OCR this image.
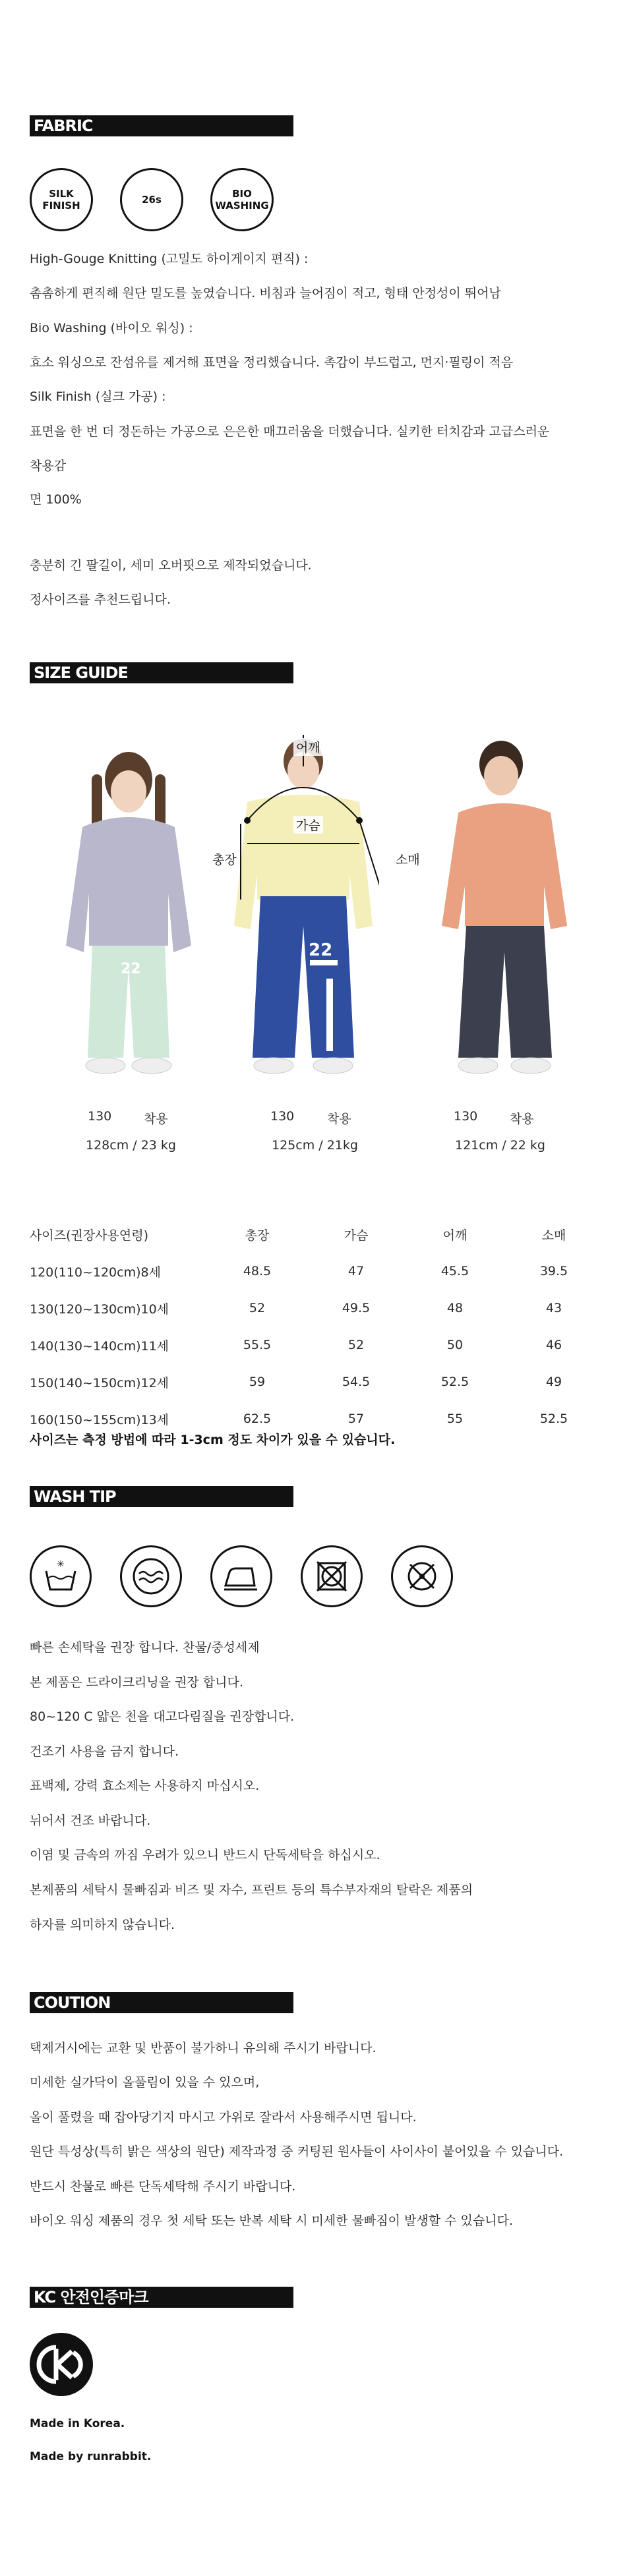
FABRIC
SILK
FINISH	26s	BIO
WASHING
High-Gouge Knitting (고밀도 하이게이지 편직) :
촘촘하게 편직해 원단 밀도를 높였습니다. 비침과 늘어짐이 적고, 형태 안정성이 뛰어남
Bio Washing (바이오 워싱) :
효소 워싱으로 잔섬유를 제거해 표면을 정리했습니다. 촉감이 부드럽고, 먼지·필링이 적음
Silk Finish (실크 가공) :
표면을 한 번 더 정돈하는 가공으로 은은한 매끄러움을 더했습니다. 실키한 터치감과 고급스러운
착용감
면 100%
충분히 긴 팔길이, 세미 오버핏으로 제작되었습니다.
정사이즈를 추천드립니다.
SIZE GUIDE
22
22
어깨
가슴
총장	소매
130	착용
128cm / 23 kg
130	착용
125cm / 21kg
130	착용
121cm / 22 kg
사이즈(권장사용연령)	총장	가슴	어깨	소매
120(110~120cm)8세	48.5	47	45.5	39.5
130(120~130cm)10세	52	49.5	48	43
140(130~140cm)11세	55.5	52	50	46
150(140~150cm)12세	59	54.5	52.5	49
160(150~155cm)13세	62.5	57	55	52.5
사이즈는 측정 방법에 따라 1-3cm 정도 차이가 있을 수 있습니다.
WASH TIP
✳
빠른 손세탁을 권장 합니다. 찬물/중성세제
본 제품은 드라이크리닝을 권장 합니다.
80~120 C 얇은 천을 대고다림질을 권장합니다.
건조기 사용을 금지 합니다.
표백제, 강력 효소제는 사용하지 마십시오.
뉘어서 건조 바랍니다.
이염 및 금속의 까짐 우려가 있으니 반드시 단독세탁을 하십시오.
본제품의 세탁시 물빠짐과 비즈 및 자수, 프린트 등의 특수부자재의 탈락은 제품의
하자를 의미하지 않습니다.
COUTION
택제거시에는 교환 및 반품이 불가하니 유의해 주시기 바랍니다.
미세한 실가닥이 올풀림이 있을 수 있으며,
올이 풀렸을 때 잡아당기지 마시고 가위로 잘라서 사용해주시면 됩니다.
원단 특성상(특히 밝은 색상의 원단) 제작과정 중 커팅된 원사들이 사이사이 붙어있을 수 있습니다.
반드시 찬물로 빠른 단독세탁해 주시기 바랍니다.
바이오 워싱 제품의 경우 첫 세탁 또는 반복 세탁 시 미세한 물빠짐이 발생할 수 있습니다.
KC 안전인증마크
Made in Korea.
Made by runrabbit.
